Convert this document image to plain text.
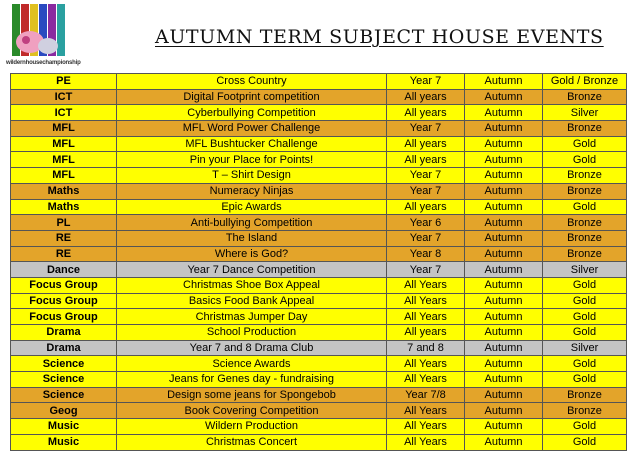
wildernhousechampionship
AUTUMN TERM SUBJECT HOUSE EVENTS
PE	Cross Country	Year 7	Autumn	Gold / Bronze
ICT	Digital Footprint competition	All years	Autumn	Bronze
ICT	Cyberbullying Competition	All years	Autumn	Silver
MFL	MFL Word Power Challenge	Year 7	Autumn	Bronze
MFL	MFL Bushtucker Challenge	All years	Autumn	Gold
MFL	Pin your Place for Points!	All years	Autumn	Gold
MFL	T – Shirt Design	Year 7	Autumn	Bronze
Maths	Numeracy Ninjas	Year 7	Autumn	Bronze
Maths	Epic Awards	All years	Autumn	Gold
PL	Anti-bullying Competition	Year 6	Autumn	Bronze
RE	The Island	Year 7	Autumn	Bronze
RE	Where is God?	Year 8	Autumn	Bronze
Dance	Year 7 Dance Competition	Year 7	Autumn	Silver
Focus Group	Christmas Shoe Box Appeal	All Years	Autumn	Gold
Focus Group	Basics Food Bank Appeal	All Years	Autumn	Gold
Focus Group	Christmas Jumper Day	All Years	Autumn	Gold
Drama	School Production	All years	Autumn	Gold
Drama	Year 7 and 8 Drama Club	7 and 8	Autumn	Silver
Science	Science Awards	All Years	Autumn	Gold
Science	Jeans for Genes day - fundraising	All Years	Autumn	Gold
Science	Design some jeans for Spongebob	Year 7/8	Autumn	Bronze
Geog	Book Covering Competition	All Years	Autumn	Bronze
Music	Wildern Production	All Years	Autumn	Gold
Music	Christmas Concert	All Years	Autumn	Gold
